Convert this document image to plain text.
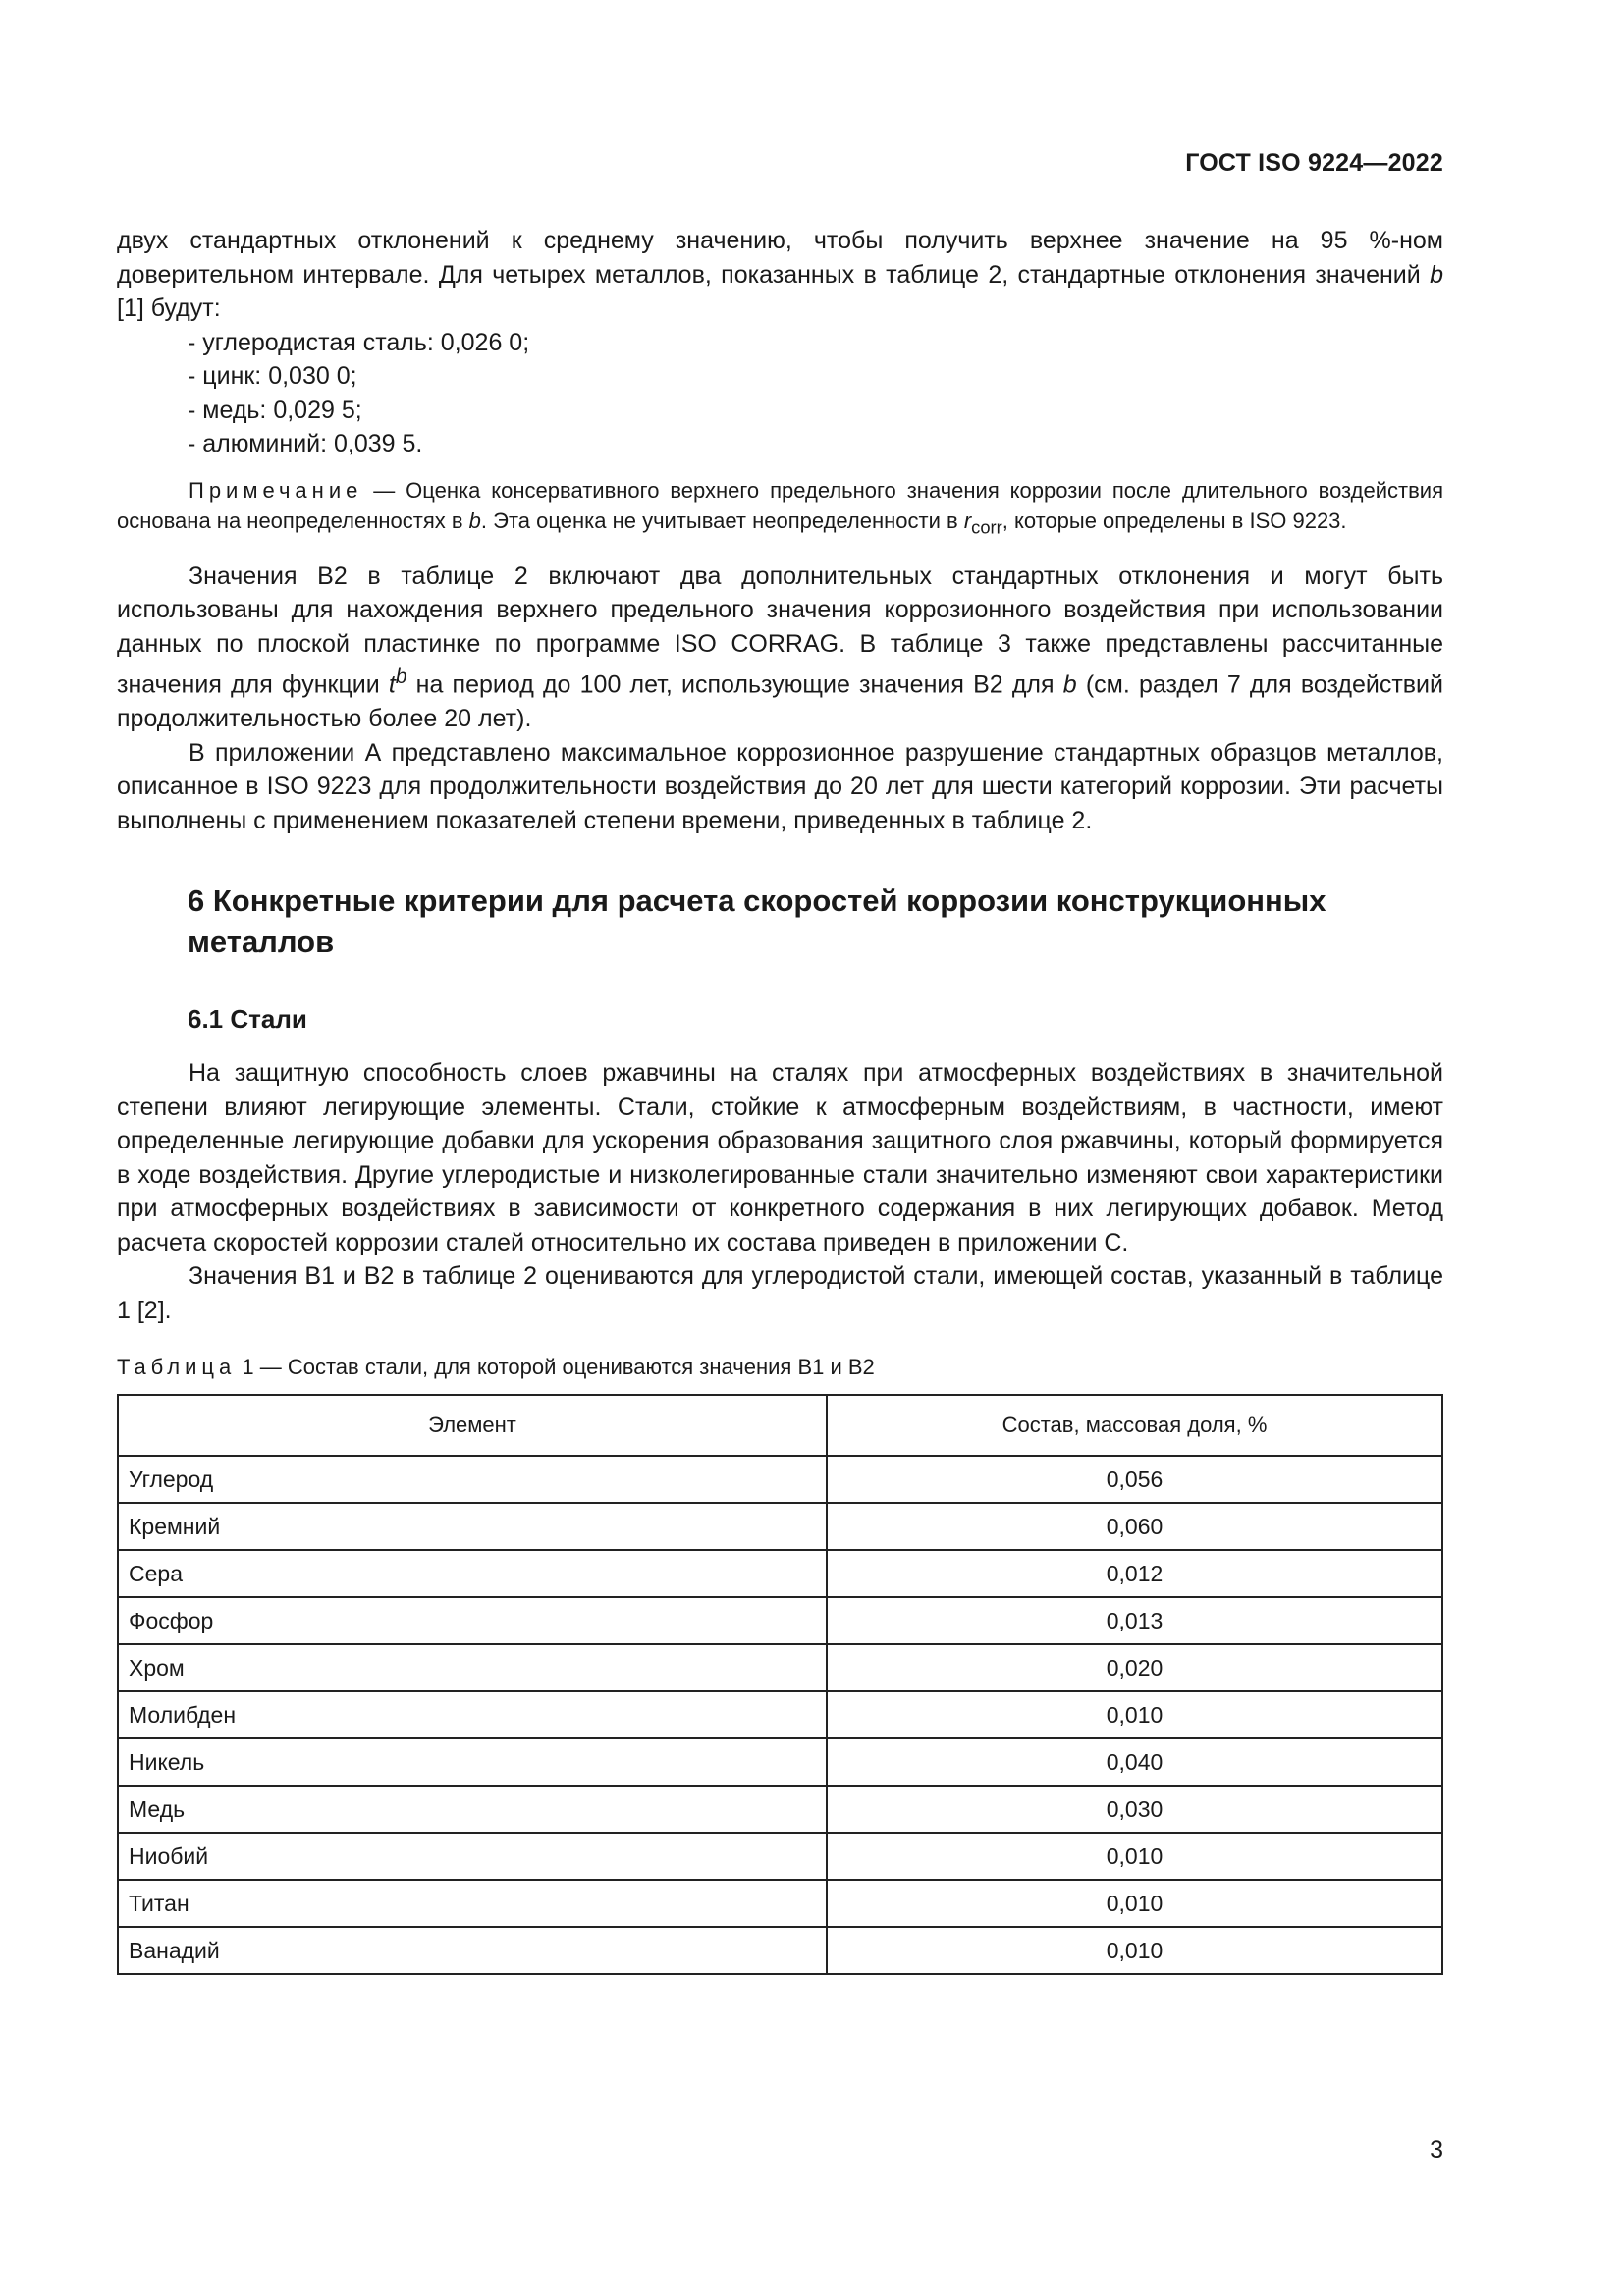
ГОСТ ISO 9224—2022

двух стандартных отклонений к среднему значению, чтобы получить верхнее значение на 95 %-ном доверительном интервале. Для четырех металлов, показанных в таблице 2, стандартные отклонения значений b [1] будут:

- углеродистая сталь: 0,026 0;
- цинк: 0,030 0;
- медь: 0,029 5;
- алюминий: 0,039 5.

Примечание — Оценка консервативного верхнего предельного значения коррозии после длительного воздействия основана на неопределенностях в b. Эта оценка не учитывает неопределенности в $r_{corr}$, которые определены в ISO 9223.

Значения B2 в таблице 2 включают два дополнительных стандартных отклонения и могут быть использованы для нахождения верхнего предельного значения коррозионного воздействия при использовании данных по плоской пластинке по программе ISO CORRAG. В таблице 3 также представлены рассчитанные значения для функции $t^b$ на период до 100 лет, использующие значения B2 для b (см. раздел 7 для воздействий продолжительностью более 20 лет).

В приложении А представлено максимальное коррозионное разрушение стандартных образцов металлов, описанное в ISO 9223 для продолжительности воздействия до 20 лет для шести категорий коррозии. Эти расчеты выполнены с применением показателей степени времени, приведенных в таблице 2.

6 Конкретные критерии для расчета скоростей коррозии конструкционных металлов
6.1 Стали

На защитную способность слоев ржавчины на сталях при атмосферных воздействиях в значительной степени влияют легирующие элементы. Стали, стойкие к атмосферным воздействиям, в частности, имеют определенные легирующие добавки для ускорения образования защитного слоя ржавчины, который формируется в ходе воздействия. Другие углеродистые и низколегированные стали значительно изменяют свои характеристики при атмосферных воздействиях в зависимости от конкретного содержания в них легирующих добавок. Метод расчета скоростей коррозии сталей относительно их состава приведен в приложении С.

Значения B1 и B2 в таблице 2 оцениваются для углеродистой стали, имеющей состав, указанный в таблице 1 [2].

Таблица 1 — Состав стали, для которой оцениваются значения B1 и B2
Элемент	Состав, массовая доля, %
Углерод	0,056
Кремний	0,060
Сера	0,012
Фосфор	0,013
Хром	0,020
Молибден	0,010
Никель	0,040
Медь	0,030
Ниобий	0,010
Титан	0,010
Ванадий	0,010
3
